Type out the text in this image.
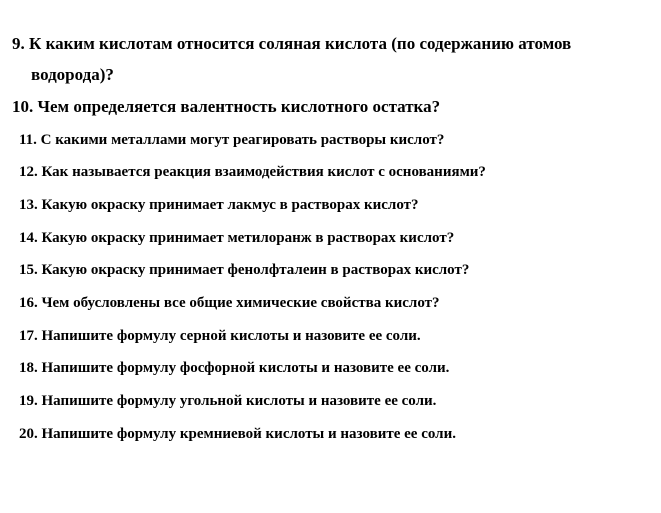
9. К каким кислотам относится соляная кислота (по содержанию атомов
водорода)?
10. Чем определяется валентность кислотного остатка?
11. С какими металлами могут реагировать растворы кислот?
12. Как называется реакция взаимодействия кислот с основаниями?
13. Какую окраску принимает лакмус в растворах кислот?
14. Какую окраску принимает метилоранж в растворах кислот?
15. Какую окраску принимает фенолфталеин в растворах кислот?
16. Чем обусловлены все общие химические свойства кислот?
17. Напишите формулу серной кислоты и назовите ее соли.
18. Напишите формулу фосфорной кислоты и назовите ее соли.
19. Напишите формулу угольной кислоты и назовите ее соли.
20. Напишите формулу кремниевой кислоты и назовите ее соли.
